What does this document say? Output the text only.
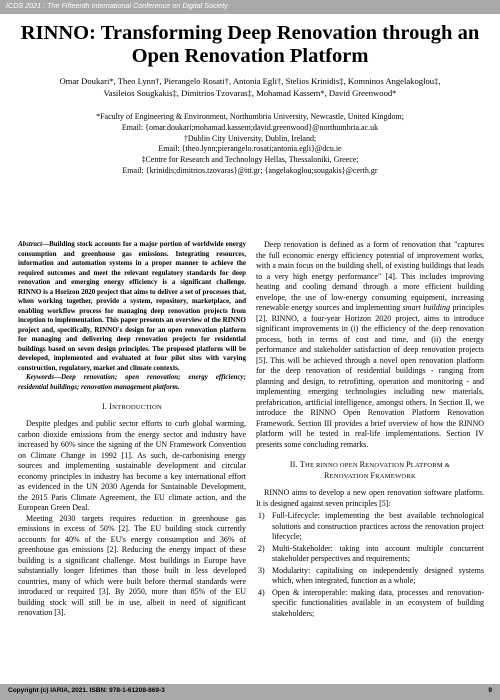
ICDS 2021 : The Fifteenth International Conference on Digital Society
RINNO: Transforming Deep Renovation through an Open Renovation Platform
Omar Doukari*, Theo Lynn†, Pierangelo Rosati†, Antonia Egli†, Stelios Krinidis‡, Komninos Angelakoglou‡,
Vasileios Sougkakis‡, Dimitrios Tzovaras‡, Mohamad Kassem*, David Greenwood*
*Faculty of Engineering & Environment, Northumbria University, Newcastle, United Kingdom;
Email: {omar.doukari;mohamad.kassem;david.greenwood}@northumbria.ac.uk
†Dublin City University, Dublin, Ireland;
Email: {theo.lynn;pierangelo.rosati;antonia.egli}@dcu.ie
‡Centre for Research and Technology Hellas, Thessaloniki, Greece;
Email: {krinidis;dimitrios.tzovaras}@iti.gr; {angelakoglou;sougakis}@certh.gr
Abstract—Building stock accounts for a major portion of worldwide energy consumption and greenhouse gas emissions. Integrating resources, information and automation systems in a proper manner to achieve the required outcomes and meet the relevant regulatory standards for deep renovation and emerging energy efficiency is a significant challenge. RINNO is a Horizon 2020 project that aims to deliver a set of processes that, when working together, provide a system, repository, marketplace, and enabling workflow process for managing deep renovation projects from inception to implementation. This paper presents an overview of the RINNO project and, specifically, RINNO's design for an open renovation platform for managing and delivering deep renovation projects for residential buildings based on seven design principles. The proposed platform will be developed, implemented and evaluated at four pilot sites with varying construction, regulatory, market and climate contexts.
Keywords—Deep renovation; open renovation; energy efficiency; residential buildings; renovation management platform.
I. INTRODUCTION

Despite pledges and public sector efforts to curb global warming, carbon dioxide emissions from the energy sector and industry have increased by 60% since the signing of the UN Framework Convention on Climate Change in 1992 [1]. As such, de-carbonising energy sources and implementing sustainable development and circular economy principles in industry has become a key international effort as evidenced in the UN 2030 Agenda for Sustainable Development, the 2015 Paris Climate Agreement, the EU climate action, and the European Green Deal.

Meeting 2030 targets requires reduction in greenhouse gas emissions in excess of 50% [2]. The EU building stock currently accounts for 40% of the EU's energy consumption and 36% of greenhouse gas emissions [2]. Reducing the energy impact of these building is a significant challenge. Most buildings in Europe have substantially longer lifetimes than those built in less developed countries, many of which were built before thermal standards were introduced or required [3]. By 2050, more than 85% of the EU building stock will still be in use, albeit in need of significant renovation [3].

Deep renovation is defined as a form of renovation that "captures the full economic energy efficiency potential of improvement works, with a main focus on the building shell, of existing buildings that leads to a very high energy performance" [4]. This includes improving heating and cooling demand through a more efficient building envelope, the use of low-energy consuming equipment, increasing renewable energy sources and implementing smart building principles [2]. RINNO, a four-year Horizon 2020 project, aims to introduce significant improvements in (i) the efficiency of the deep renovation process, both in terms of cost and time, and (ii) the energy performance and stakeholder satisfaction of deep renovation projects [5]. This will be achieved through a novel open renovation platform for the deep renovation of residential buildings - ranging from planning and design, to retrofitting, operation and monitoring - and implementing emerging technologies including new materials, prefabrication, artificial intelligence, amongst others. In Section II, we introduce the RINNO Open Renovation Platform Renovation Framework. Section III provides a brief overview of how the RINNO platform will be tested in real-life implementations. Section IV presents some concluding remarks.

II. THE RINNO OPEN RENOVATION PLATFORM &
RENOVATION FRAMEWORK

RINNO aims to develop a new open renovation software platform. It is designed against seven principles [5]:

1) Full-Lifecycle: implementing the best available technological solutions and construction practices across the renovation project lifecycle;
2) Multi-Stakeholder: taking into account multiple concurrent stakeholder perspectives and requirements;
3) Modularity: capitalising on independently designed systems which, when integrated, function as a whole;
4) Open & interoperable: making data, processes and renovation-specific functionalities available in an ecosystem of building stakeholders;
Copyright (c) IARIA, 2021. ISBN: 978-1-61208-869-3	9
